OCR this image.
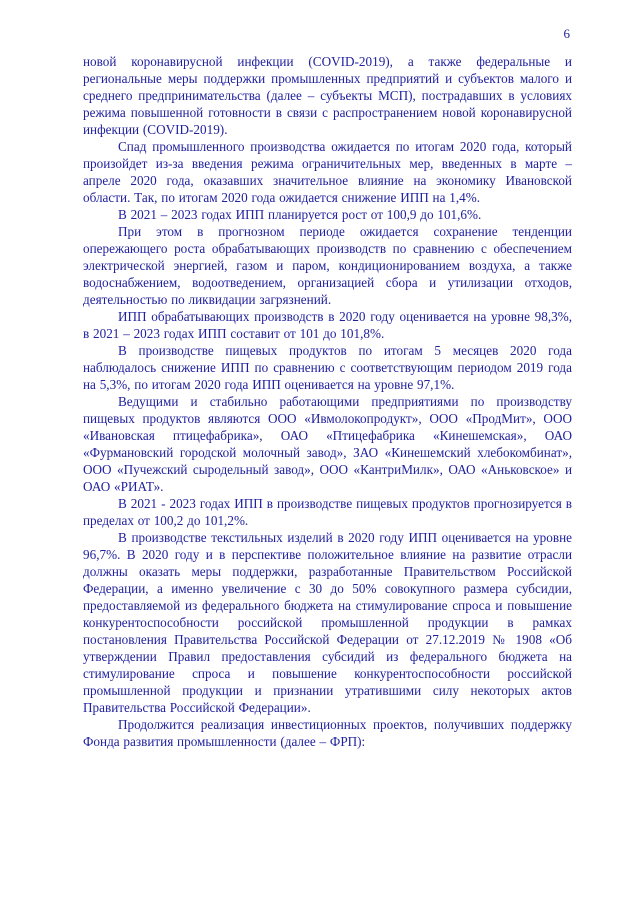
6

новой коронавирусной инфекции (COVID-2019), а также федеральные и региональные меры поддержки промышленных предприятий и субъектов малого и среднего предпринимательства (далее – субъекты МСП), пострадавших в условиях режима повышенной готовности в связи с распространением новой коронавирусной инфекции (COVID-2019).

Спад промышленного производства ожидается по итогам 2020 года, который произойдет из-за введения режима ограничительных мер, введенных в марте – апреле 2020 года, оказавших значительное влияние на экономику Ивановской области. Так, по итогам 2020 года ожидается снижение ИПП на 1,4%.

В 2021 – 2023 годах ИПП планируется рост от 100,9 до 101,6%.

При этом в прогнозном периоде ожидается сохранение тенденции опережающего роста обрабатывающих производств по сравнению с обеспечением электрической энергией, газом и паром, кондиционированием воздуха, а также водоснабжением, водоотведением, организацией сбора и утилизации отходов, деятельностью по ликвидации загрязнений.

ИПП обрабатывающих производств в 2020 году оценивается на уровне 98,3%, в 2021 – 2023 годах ИПП составит от 101 до 101,8%.

В производстве пищевых продуктов по итогам 5 месяцев 2020 года наблюдалось снижение ИПП по сравнению с соответствующим периодом 2019 года на 5,3%, по итогам 2020 года ИПП оценивается на уровне 97,1%.

Ведущими и стабильно работающими предприятиями по производству пищевых продуктов являются ООО «Ивмолокопродукт», ООО «ПродМит», ООО «Ивановская птицефабрика», ОАО «Птицефабрика «Кинешемская», ОАО «Фурмановский городской молочный завод», ЗАО «Кинешемский хлебокомбинат», ООО «Пучежский сыродельный завод», ООО «КантриМилк», ОАО «Аньковское» и ОАО «РИАТ».

В 2021 - 2023 годах ИПП в производстве пищевых продуктов прогнозируется в пределах от 100,2 до 101,2%.

В производстве текстильных изделий в 2020 году ИПП оценивается на уровне 96,7%. В 2020 году и в перспективе положительное влияние на развитие отрасли должны оказать меры поддержки, разработанные Правительством Российской Федерации, а именно увеличение с 30 до 50% совокупного размера субсидии, предоставляемой из федерального бюджета на стимулирование спроса и повышение конкурентоспособности российской промышленной продукции в рамках постановления Правительства Российской Федерации от 27.12.2019 № 1908 «Об утверждении Правил предоставления субсидий из федерального бюджета на стимулирование спроса и повышение конкурентоспособности российской промышленной продукции и признании утратившими силу некоторых актов Правительства Российской Федерации».

Продолжится реализация инвестиционных проектов, получивших поддержку Фонда развития промышленности (далее – ФРП):
